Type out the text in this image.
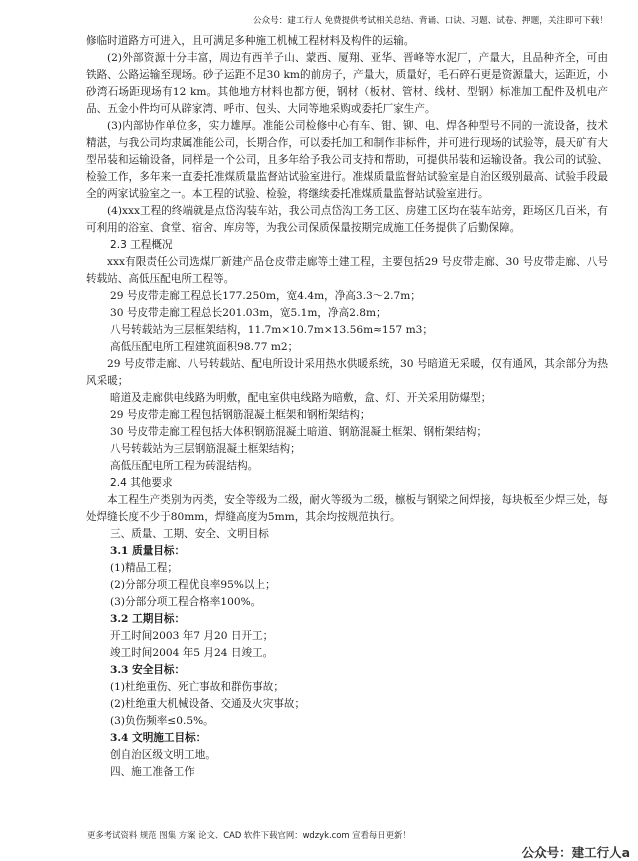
公众号：建工行人 免费提供考试相关总结、背诵、口诀、习题、试卷、押题，关注即可下载！

修临时道路方可进入，且可满足多种施工机械工程材料及构件的运输。

(2)外部资源十分丰富，周边有西羊子山、蒙西、厦翔、亚华、晋峰等水泥厂，产量大，且品种齐全，可由铁路、公路运输至现场。砂子运距不足30 km的前房子，产量大，质量好，毛石碎石更是资源量大，运距近，小砂湾石场距现场有12 km。其他地方材料也都方便，钢材（板材、管材、线材、型钢）标准加工配件及机电产品、五金小件均可从辟家湾、呼市、包头、大同等地采购或委托厂家生产。

(3)内部协作单位多，实力雄厚。准能公司检修中心有车、钳、铆、电、焊各种型号不同的一流设备，技术精湛，与我公司均隶属准能公司，长期合作，可以委托加工和制作非标件，并可进行现场的试验等，晨天矿有大型吊装和运输设备，同样是一个公司，且多年给予我公司支持和帮助，可提供吊装和运输设备。我公司的试验、检验工作，多年来一直委托准煤质量监督站试验室进行。准煤质量监督站试验室是自治区级别最高、试验手段最全的两家试验室之一。本工程的试验、检验，将继续委托准煤质量监督站试验室进行。

(4)xxx工程的终端就是点岱沟装车站，我公司点岱沟工务工区、房建工区均在装车站旁，距场区几百米，有可利用的浴室、食堂、宿舍、库房等，为我公司保质保量按期完成施工任务提供了后勤保障。

2.3 工程概况

xxx有限责任公司选煤厂新建产品仓皮带走廊等土建工程，主要包括29 号皮带走廊、30 号皮带走廊、八号转载站、高低压配电所工程等。

29 号皮带走廊工程总长177.250m，宽4.4m，净高3.3～2.7m；

30 号皮带走廊工程总长201.03m，宽5.1m，净高2.8m；

八号转载站为三层框架结构，11.7m×10.7m×13.56m≈157 m3；

高低压配电所工程建筑面积98.77 m2；

29 号皮带走廊、八号转载站、配电所设计采用热水供暖系统，30 号暗道无采暖，仅有通风，其余部分为热风采暖；

暗道及走廊供电线路为明敷，配电室供电线路为暗敷，盒、灯、开关采用防爆型；

29 号皮带走廊工程包括钢筋混凝土框架和钢桁架结构；

30 号皮带走廊工程包括大体积钢筋混凝土暗道、钢筋混凝土框架、钢桁架结构；

八号转载站为三层钢筋混凝土框架结构；

高低压配电所工程为砖混结构。

2.4 其他要求

本工程生产类别为丙类，安全等级为二级，耐火等级为二级，檩板与钢梁之间焊接，每块板至少焊三处，每处焊缝长度不少于80mm，焊缝高度为5mm，其余均按规范执行。

三、质量、工期、安全、文明目标

3.1 质量目标：

(1)精品工程；

(2)分部分项工程优良率95%以上；

(3)分部分项工程合格率100%。

3.2 工期目标：

开工时间2003 年7 月20 日开工；

竣工时间2004 年5 月24 日竣工。

3.3 安全目标：

(1)杜绝重伤、死亡事故和群伤事故；

(2)杜绝重大机械设备、交通及火灾事故；

(3)负伤频率≤0.5%。

3.4 文明施工目标：

创自治区级文明工地。

四、施工准备工作

更多考试资料 规范 图集 方案 论文、CAD 软件下载官网：wdzyk.com 宣看每日更新！
公众号：建工行人a
